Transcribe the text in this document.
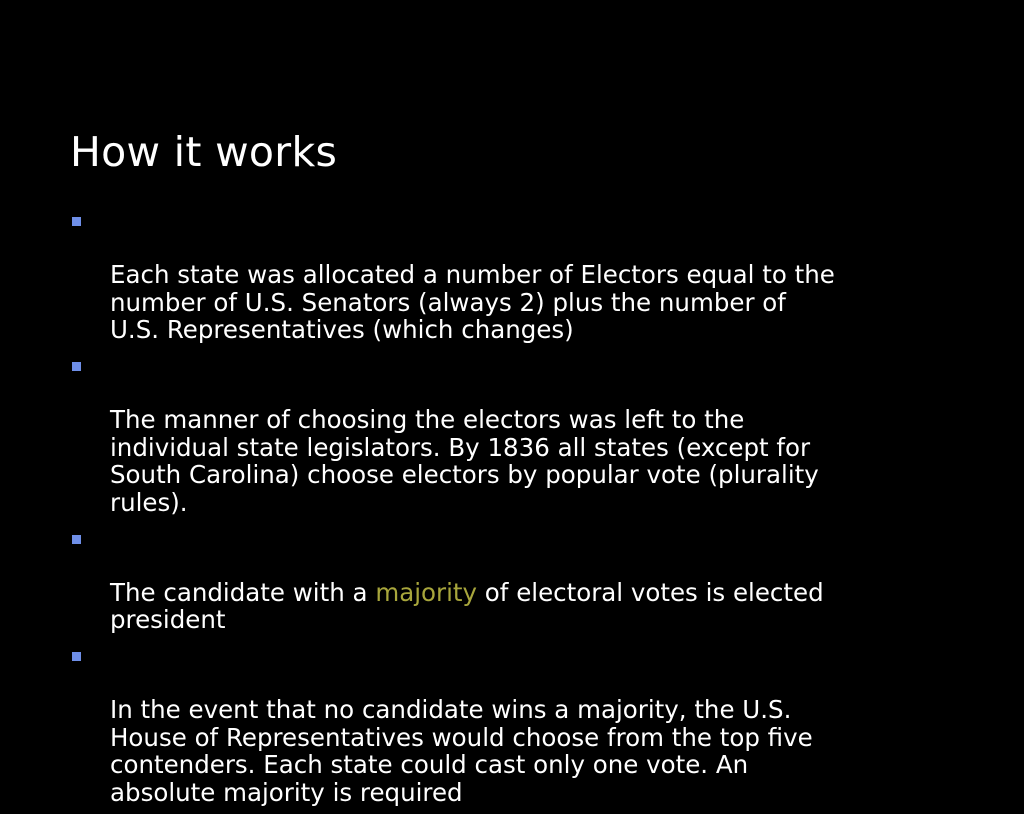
How it works

Each state was allocated a number of Electors equal to the
number of U.S. Senators (always 2) plus the number of
U.S. Representatives (which changes)

The manner of choosing the electors was left to the
individual state legislators. By 1836 all states (except for
South Carolina) choose electors by popular vote (plurality
rules).

The candidate with a majority of electoral votes is elected
president

In the event that no candidate wins a majority, the U.S.
House of Representatives would choose from the top five
contenders. Each state could cast only one vote. An
absolute majority is required
